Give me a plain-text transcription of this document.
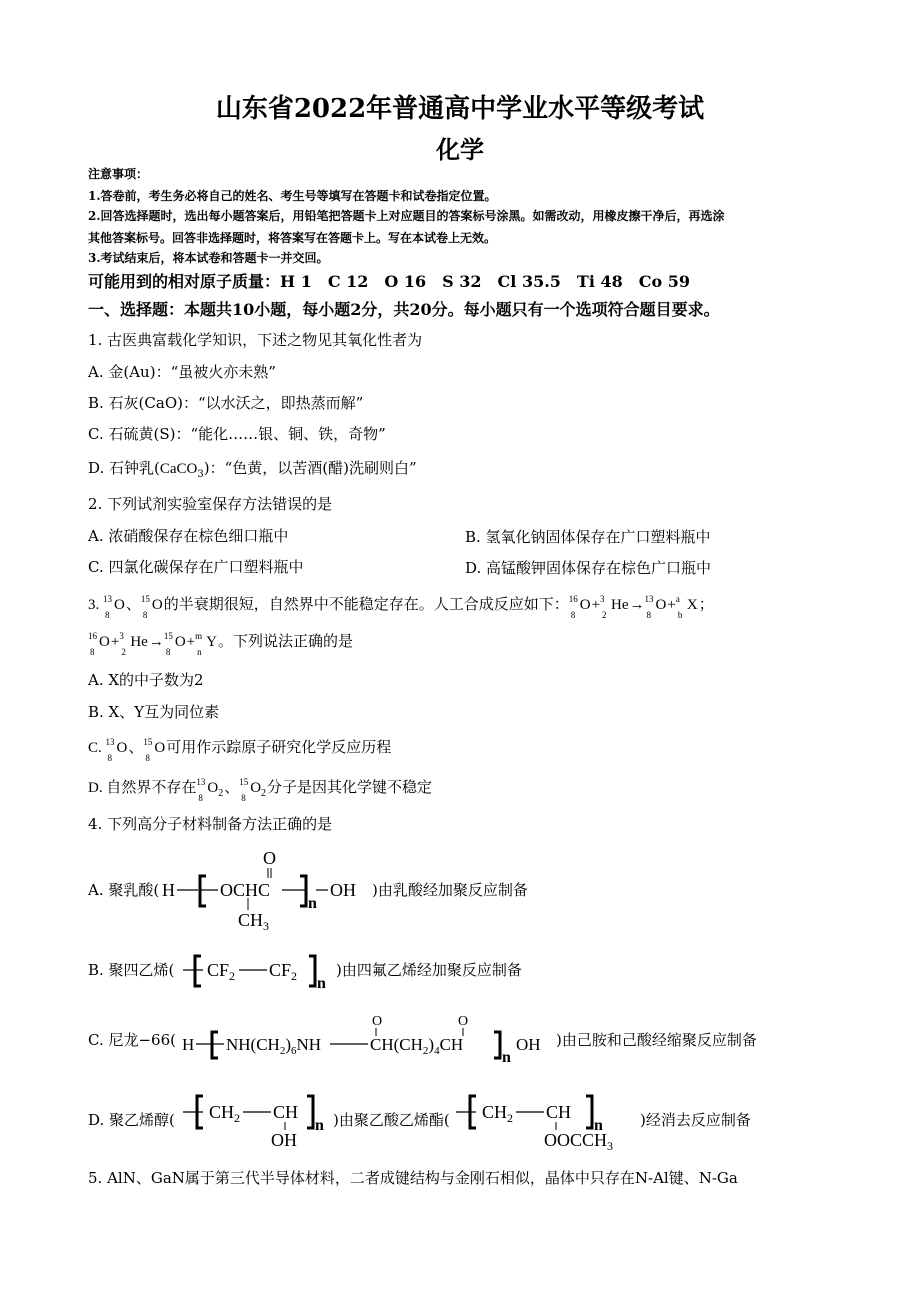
山东省2022年普通高中学业水平等级考试
化学
注意事项：
1.答卷前，考生务必将自己的姓名、考生号等填写在答题卡和试卷指定位置。
2.回答选择题时，选出每小题答案后，用铅笔把答题卡上对应题目的答案标号涂黑。如需改动，用橡皮擦干净后，再选涂
其他答案标号。回答非选择题时，将答案写在答题卡上。写在本试卷上无效。
3.考试结束后，将本试卷和答题卡一并交回。
可能用到的相对原子质量：H 1　C 12　O 16　S 32　Cl 35.5　Ti 48　Co 59
一、选择题：本题共10小题，每小题2分，共20分。每小题只有一个选项符合题目要求。
1. 古医典富载化学知识，下述之物见其氧化性者为
A. 金(Au)：“虽被火亦未熟”
B. 石灰(CaO)：“以水沃之，即热蒸而解”
C. 石硫黄(S)：“能化……银、铜、铁，奇物”
D. 石钟乳(CaCO$_3$)：“色黄，以苦酒(醋)洗刷则白”
2. 下列试剂实验室保存方法错误的是
A. 浓硝酸保存在棕色细口瓶中	B. 氢氧化钠固体保存在广口塑料瓶中
C. 四氯化碳保存在广口塑料瓶中	D. 高锰酸钾固体保存在棕色广口瓶中
3. 13
8
O、 15
8
O的半衰期很短，自然界中不能稳定存在。人工合成反应如下： 16
8
O+ 3
2
He→ 13
8
O+ a
b
X；
16
8
O+ 3
2
He→ 15
8
O+ m
n
Y。下列说法正确的是
A. X的中子数为2
B. X、Y互为同位素
C. 13
8
O、 15
8
O可用作示踪原子研究化学反应历程
D. 自然界不存在 13
8
$O_2$、 15
8
$O_2$分子是因其化学键不稳定
4. 下列高分子材料制备方法正确的是
A. 聚乳酸( H	OCHC
O
$CH_3$
n
OH )由乳酸经加聚反应制备
B. 聚四乙烯( $CF_2$ $CF_2$ n
)由四氟乙烯经加聚反应制备
C. 尼龙−66( H $NH(CH_2)_6NH$	$CH(CH_2)_4CH$
O	O
n
OH )由己胺和己酸经缩聚反应制备
D. 聚乙烯醇( $CH_2$ CH
OH
n )由聚乙酸乙烯酯( $CH_2$ CH
$OOCCH_3$
n )经消去反应制备
5. AlN、GaN属于第三代半导体材料，二者成键结构与金刚石相似，晶体中只存在N-Al键、N-Ga
